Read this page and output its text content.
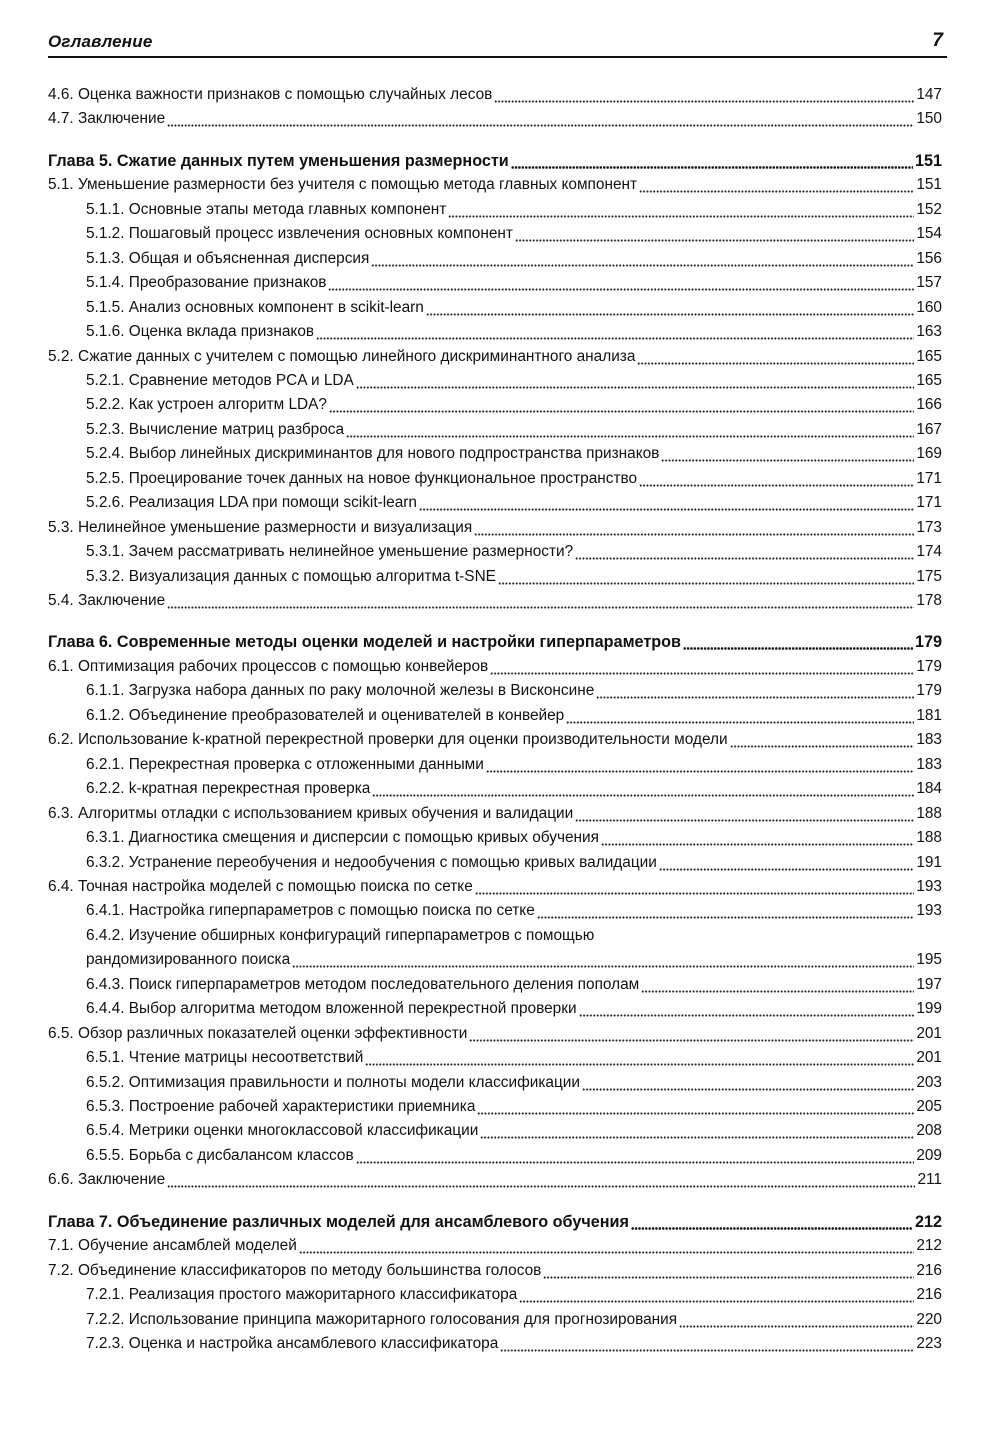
Оглавление	7
4.6. Оценка важности признаков с помощью случайных лесов	147
4.7. Заключение	150
Глава 5. Сжатие данных путем уменьшения размерности	151
5.1. Уменьшение размерности без учителя с помощью метода главных компонент	151
5.1.1. Основные этапы метода главных компонент	152
5.1.2. Пошаговый процесс извлечения основных компонент	154
5.1.3. Общая и объясненная дисперсия	156
5.1.4. Преобразование признаков	157
5.1.5. Анализ основных компонент в scikit-learn	160
5.1.6. Оценка вклада признаков	163
5.2. Сжатие данных с учителем с помощью линейного дискриминантного анализа	165
5.2.1. Сравнение методов PCA и LDA	165
5.2.2. Как устроен алгоритм LDA?	166
5.2.3. Вычисление матриц разброса	167
5.2.4. Выбор линейных дискриминантов для нового подпространства признаков	169
5.2.5. Проецирование точек данных на новое функциональное пространство	171
5.2.6. Реализация LDA при помощи scikit-learn	171
5.3. Нелинейное уменьшение размерности и визуализация	173
5.3.1. Зачем рассматривать нелинейное уменьшение размерности?	174
5.3.2. Визуализация данных с помощью алгоритма t-SNE	175
5.4. Заключение	178
Глава 6. Современные методы оценки моделей и настройки гиперпараметров	179
6.1. Оптимизация рабочих процессов с помощью конвейеров	179
6.1.1. Загрузка набора данных по раку молочной железы в Висконсине	179
6.1.2. Объединение преобразователей и оценивателей в конвейер	181
6.2. Использование k-кратной перекрестной проверки для оценки производительности модели	183
6.2.1. Перекрестная проверка с отложенными данными	183
6.2.2. k-кратная перекрестная проверка	184
6.3. Алгоритмы отладки с использованием кривых обучения и валидации	188
6.3.1. Диагностика смещения и дисперсии с помощью кривых обучения	188
6.3.2. Устранение переобучения и недообучения с помощью кривых валидации	191
6.4. Точная настройка моделей с помощью поиска по сетке	193
6.4.1. Настройка гиперпараметров с помощью поиска по сетке	193
6.4.2. Изучение обширных конфигураций гиперпараметров с помощью
рандомизированного поиска	195
6.4.3. Поиск гиперпараметров методом последовательного деления пополам	197
6.4.4. Выбор алгоритма методом вложенной перекрестной проверки	199
6.5. Обзор различных показателей оценки эффективности	201
6.5.1. Чтение матрицы несоответствий	201
6.5.2. Оптимизация правильности и полноты модели классификации	203
6.5.3. Построение рабочей характеристики приемника	205
6.5.4. Метрики оценки многоклассовой классификации	208
6.5.5. Борьба с дисбалансом классов	209
6.6. Заключение	211
Глава 7. Объединение различных моделей для ансамблевого обучения	212
7.1. Обучение ансамблей моделей	212
7.2. Объединение классификаторов по методу большинства голосов	216
7.2.1. Реализация простого мажоритарного классификатора	216
7.2.2. Использование принципа мажоритарного голосования для прогнозирования	220
7.2.3. Оценка и настройка ансамблевого классификатора	223
